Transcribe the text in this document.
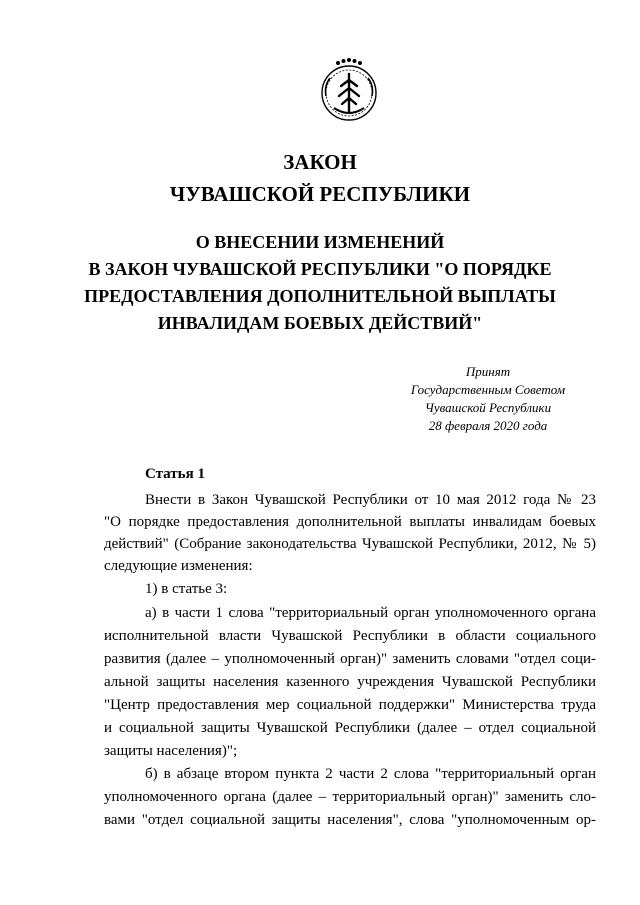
ЗАКОН
ЧУВАШСКОЙ РЕСПУБЛИКИ
О ВНЕСЕНИИ ИЗМЕНЕНИЙ
В ЗАКОН ЧУВАШСКОЙ РЕСПУБЛИКИ "О ПОРЯДКЕ
ПРЕДОСТАВЛЕНИЯ ДОПОЛНИТЕЛЬНОЙ ВЫПЛАТЫ
ИНВАЛИДАМ БОЕВЫХ ДЕЙСТВИЙ"
Принят
Государственным Советом
Чувашской Республики
28 февраля 2020 года
Статья 1
Внести в Закон Чувашской Республики от 10 мая 2012 года № 23
"О порядке предоставления дополнительной выплаты инвалидам боевых
действий" (Собрание законодательства Чувашской Республики, 2012, № 5)
следующие изменения:
1) в статье 3:
а) в части 1 слова "территориальный орган уполномоченного органа
исполнительной власти Чувашской Республики в области социального
развития (далее – уполномоченный орган)" заменить словами "отдел соци-
альной защиты населения казенного учреждения Чувашской Республики
"Центр предоставления мер социальной поддержки" Министерства труда
и социальной защиты Чувашской Республики (далее – отдел социальной
защиты населения)";
б) в абзаце втором пункта 2 части 2 слова "территориальный орган
уполномоченного органа (далее – территориальный орган)" заменить сло-
вами "отдел социальной защиты населения", слова "уполномоченным ор-
